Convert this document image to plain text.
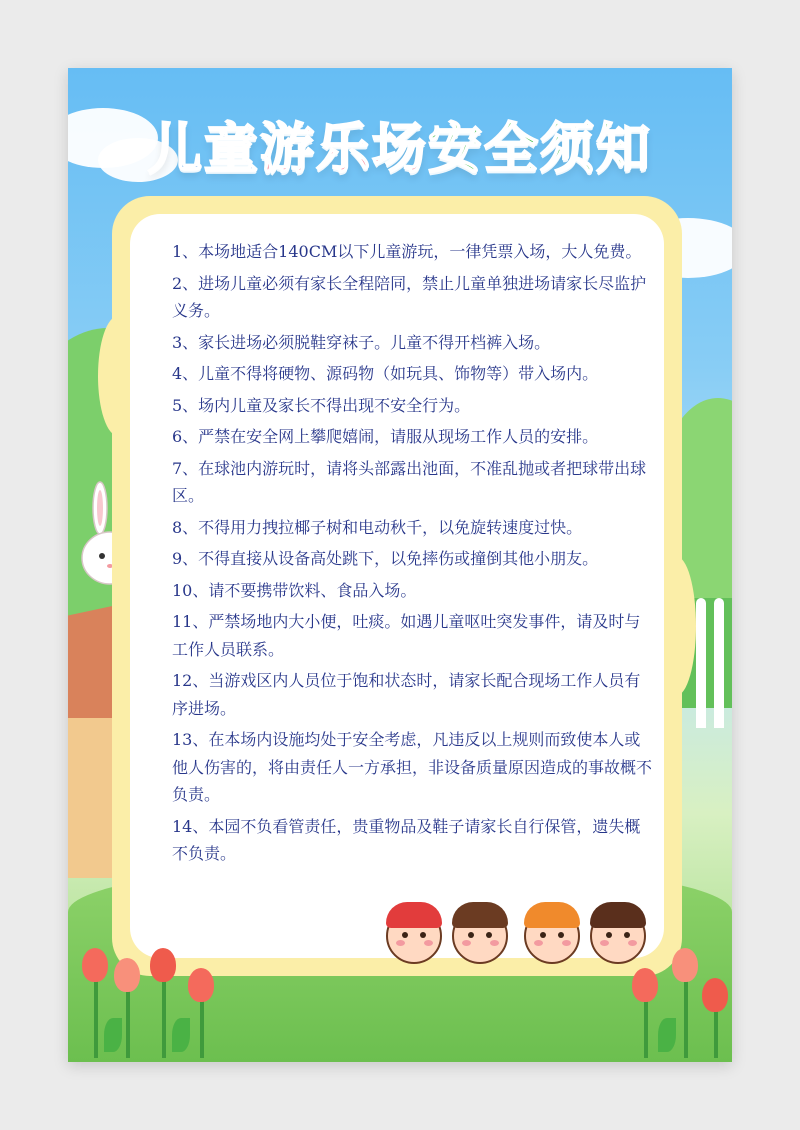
儿童游乐场安全须知
1、本场地适合140CM以下儿童游玩，一律凭票入场，大人免费。
2、进场儿童必须有家长全程陪同，禁止儿童单独进场请家长尽监护义务。
3、家长进场必须脱鞋穿袜子。儿童不得开档裤入场。
4、儿童不得将硬物、源码物（如玩具、饰物等）带入场内。
5、场内儿童及家长不得出现不安全行为。
6、严禁在安全网上攀爬嬉闹，请服从现场工作人员的安排。
7、在球池内游玩时，请将头部露出池面，不准乱抛或者把球带出球区。
8、不得用力拽拉椰子树和电动秋千，以免旋转速度过快。
9、不得直接从设备高处跳下，以免摔伤或撞倒其他小朋友。
10、请不要携带饮料、食品入场。
11、严禁场地内大小便，吐痰。如遇儿童呕吐突发事件，请及时与工作人员联系。
12、当游戏区内人员位于饱和状态时，请家长配合现场工作人员有序进场。
13、在本场内设施均处于安全考虑，凡违反以上规则而致使本人或他人伤害的，将由责任人一方承担，非设备质量原因造成的事故概不负责。
14、本园不负看管责任，贵重物品及鞋子请家长自行保管，遗失概不负责。
